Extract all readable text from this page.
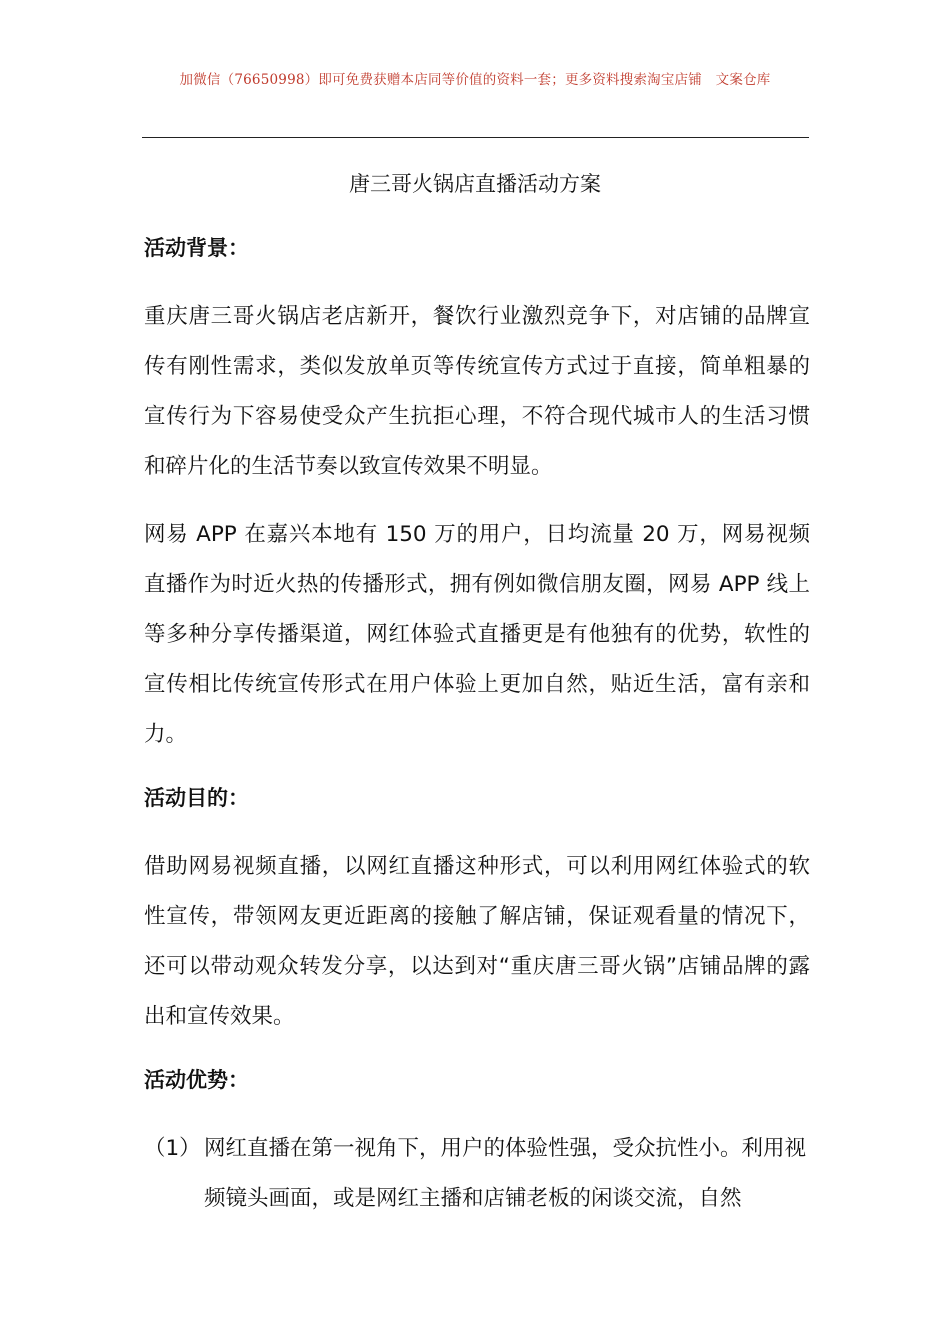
加微信（76650998）即可免费获赠本店同等价值的资料一套；更多资料搜索淘宝店铺　文案仓库
唐三哥火锅店直播活动方案
活动背景：

重庆唐三哥火锅店老店新开，餐饮行业激烈竞争下，对店铺的品牌宣传有刚性需求，类似发放单页等传统宣传方式过于直接，简单粗暴的宣传行为下容易使受众产生抗拒心理，不符合现代城市人的生活习惯和碎片化的生活节奏以致宣传效果不明显。

网易 APP 在嘉兴本地有 150 万的用户，日均流量 20 万，网易视频直播作为时近火热的传播形式，拥有例如微信朋友圈，网易 APP 线上等多种分享传播渠道，网红体验式直播更是有他独有的优势，软性的宣传相比传统宣传形式在用户体验上更加自然，贴近生活，富有亲和力。

活动目的：

借助网易视频直播，以网红直播这种形式，可以利用网红体验式的软性宣传，带领网友更近距离的接触了解店铺，保证观看量的情况下，还可以带动观众转发分享，以达到对“重庆唐三哥火锅”店铺品牌的露出和宣传效果。

活动优势：
（1） 网红直播在第一视角下，用户的体验性强，受众抗性小。利用视频镜头画面，或是网红主播和店铺老板的闲谈交流，自然
